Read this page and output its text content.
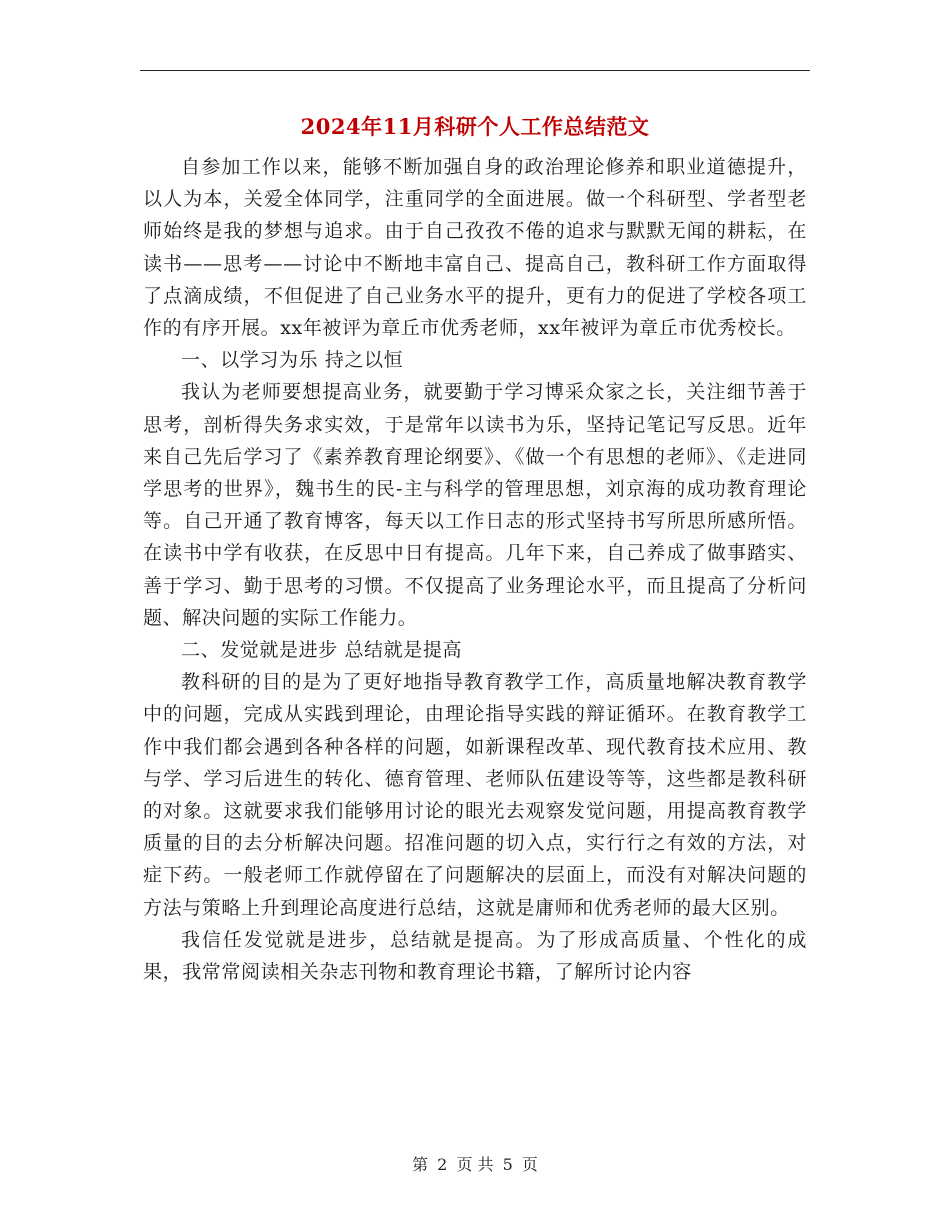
2024年11月科研个人工作总结范文

自参加工作以来，能够不断加强自身的政治理论修养和职业道德提升，以人为本，关爱全体同学，注重同学的全面进展。做一个科研型、学者型老师始终是我的梦想与追求。由于自己孜孜不倦的追求与默默无闻的耕耘，在读书——思考——讨论中不断地丰富自己、提高自己，教科研工作方面取得了点滴成绩，不但促进了自己业务水平的提升，更有力的促进了学校各项工作的有序开展。xx年被评为章丘市优秀老师，xx年被评为章丘市优秀校长。

一、以学习为乐 持之以恒

我认为老师要想提高业务，就要勤于学习博采众家之长，关注细节善于思考，剖析得失务求实效，于是常年以读书为乐，坚持记笔记写反思。近年来自己先后学习了《素养教育理论纲要》、《做一个有思想的老师》、《走进同学思考的世界》，魏书生的民-主与科学的管理思想，刘京海的成功教育理论等。自己开通了教育博客，每天以工作日志的形式坚持书写所思所感所悟。在读书中学有收获，在反思中日有提高。几年下来，自己养成了做事踏实、善于学习、勤于思考的习惯。不仅提高了业务理论水平，而且提高了分析问题、解决问题的实际工作能力。

二、发觉就是进步 总结就是提高

教科研的目的是为了更好地指导教育教学工作，高质量地解决教育教学中的问题，完成从实践到理论，由理论指导实践的辩证循环。在教育教学工作中我们都会遇到各种各样的问题，如新课程改革、现代教育技术应用、教与学、学习后进生的转化、德育管理、老师队伍建设等等，这些都是教科研的对象。这就要求我们能够用讨论的眼光去观察发觉问题，用提高教育教学质量的目的去分析解决问题。招准问题的切入点，实行行之有效的方法，对症下药。一般老师工作就停留在了问题解决的层面上，而没有对解决问题的方法与策略上升到理论高度进行总结，这就是庸师和优秀老师的最大区别。

我信任发觉就是进步，总结就是提高。为了形成高质量、个性化的成果，我常常阅读相关杂志刊物和教育理论书籍，了解所讨论内容

第 2 页 共 5 页
